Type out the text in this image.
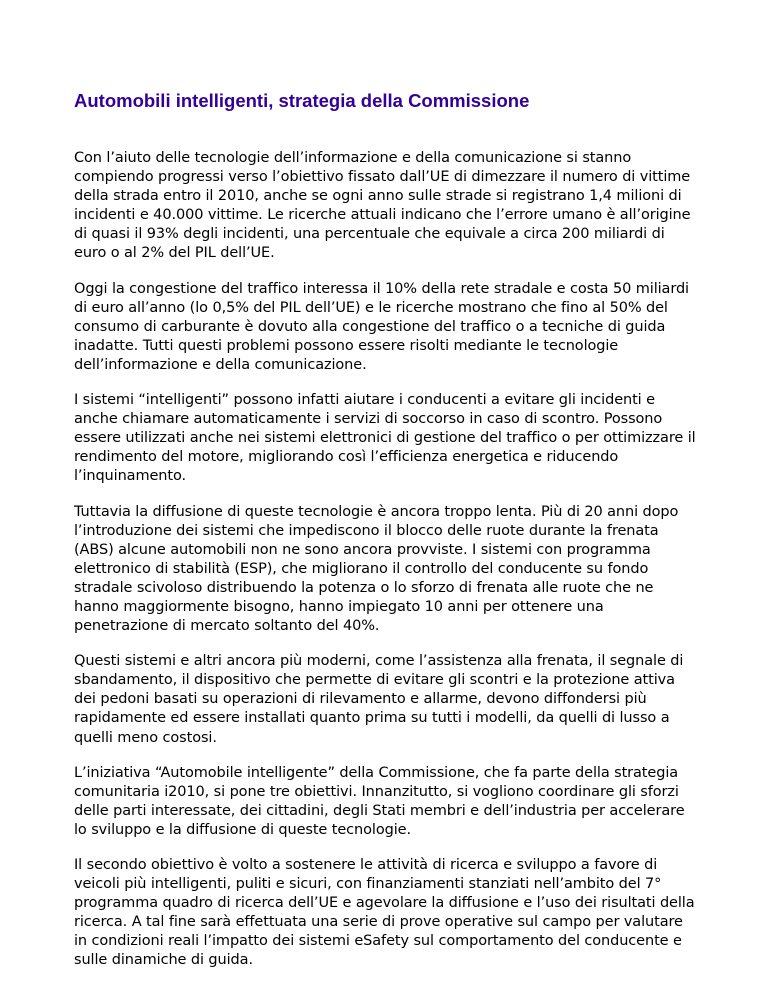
Automobili intelligenti, strategia della Commissione

Con l’aiuto delle tecnologie dell’informazione e della comunicazione si stanno compiendo progressi verso l’obiettivo fissato dall’UE di dimezzare il numero di vittime della strada entro il 2010, anche se ogni anno sulle strade si registrano 1,4 milioni di incidenti e 40.000 vittime. Le ricerche attuali indicano che l’errore umano è all’origine di quasi il 93% degli incidenti, una percentuale che equivale a circa 200 miliardi di euro o al 2% del PIL dell’UE.

Oggi la congestione del traffico interessa il 10% della rete stradale e costa 50 miliardi di euro all’anno (lo 0,5% del PIL dell’UE) e le ricerche mostrano che fino al 50% del consumo di carburante è dovuto alla congestione del traffico o a tecniche di guida inadatte. Tutti questi problemi possono essere risolti mediante le tecnologie dell’informazione e della comunicazione.

I sistemi “intelligenti” possono infatti aiutare i conducenti a evitare gli incidenti e anche chiamare automaticamente i servizi di soccorso in caso di scontro. Possono essere utilizzati anche nei sistemi elettronici di gestione del traffico o per ottimizzare il rendimento del motore, migliorando così l’efficienza energetica e riducendo l’inquinamento.

Tuttavia la diffusione di queste tecnologie è ancora troppo lenta. Più di 20 anni dopo l’introduzione dei sistemi che impediscono il blocco delle ruote durante la frenata (ABS) alcune automobili non ne sono ancora provviste. I sistemi con programma elettronico di stabilità (ESP), che migliorano il controllo del conducente su fondo stradale scivoloso distribuendo la potenza o lo sforzo di frenata alle ruote che ne hanno maggiormente bisogno, hanno impiegato 10 anni per ottenere una penetrazione di mercato soltanto del 40%.

Questi sistemi e altri ancora più moderni, come l’assistenza alla frenata, il segnale di sbandamento, il dispositivo che permette di evitare gli scontri e la protezione attiva dei pedoni basati su operazioni di rilevamento e allarme, devono diffondersi più rapidamente ed essere installati quanto prima su tutti i modelli, da quelli di lusso a quelli meno costosi.

L’iniziativa “Automobile intelligente” della Commissione, che fa parte della strategia comunitaria i2010, si pone tre obiettivi. Innanzitutto, si vogliono coordinare gli sforzi delle parti interessate, dei cittadini, degli Stati membri e dell’industria per accelerare lo sviluppo e la diffusione di queste tecnologie.

Il secondo obiettivo è volto a sostenere le attività di ricerca e sviluppo a favore di veicoli più intelligenti, puliti e sicuri, con finanziamenti stanziati nell’ambito del 7° programma quadro di ricerca dell’UE e agevolare la diffusione e l’uso dei risultati della ricerca. A tal fine sarà effettuata una serie di prove operative sul campo per valutare in condizioni reali l’impatto dei sistemi eSafety sul comportamento del conducente e sulle dinamiche di guida.
